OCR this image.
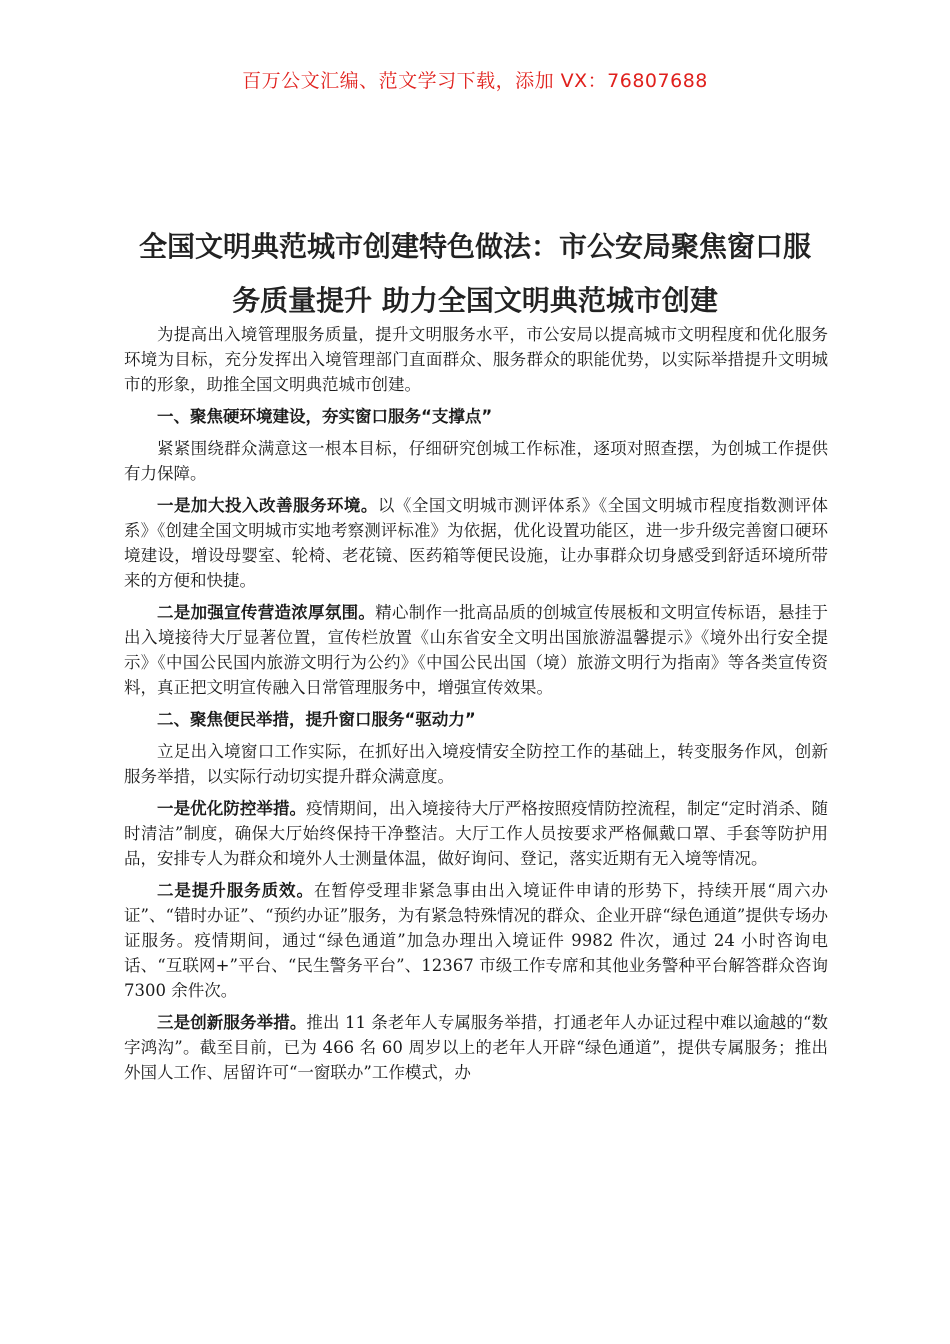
百万公文汇编、范文学习下载，添加 VX：76807688
全国文明典范城市创建特色做法：市公安局聚焦窗口服
务质量提升 助力全国文明典范城市创建

为提高出入境管理服务质量，提升文明服务水平，市公安局以提高城市文明程度和优化服务环境为目标，充分发挥出入境管理部门直面群众、服务群众的职能优势，以实际举措提升文明城市的形象，助推全国文明典范城市创建。

一、聚焦硬环境建设，夯实窗口服务“支撑点”

紧紧围绕群众满意这一根本目标，仔细研究创城工作标准，逐项对照查摆，为创城工作提供有力保障。

一是加大投入改善服务环境。以《全国文明城市测评体系》《全国文明城市程度指数测评体系》《创建全国文明城市实地考察测评标准》为依据，优化设置功能区，进一步升级完善窗口硬环境建设，增设母婴室、轮椅、老花镜、医药箱等便民设施，让办事群众切身感受到舒适环境所带来的方便和快捷。

二是加强宣传营造浓厚氛围。精心制作一批高品质的创城宣传展板和文明宣传标语，悬挂于出入境接待大厅显著位置，宣传栏放置《山东省安全文明出国旅游温馨提示》《境外出行安全提示》《中国公民国内旅游文明行为公约》《中国公民出国（境）旅游文明行为指南》等各类宣传资料，真正把文明宣传融入日常管理服务中，增强宣传效果。

二、聚焦便民举措，提升窗口服务“驱动力”

立足出入境窗口工作实际，在抓好出入境疫情安全防控工作的基础上，转变服务作风，创新服务举措，以实际行动切实提升群众满意度。

一是优化防控举措。疫情期间，出入境接待大厅严格按照疫情防控流程，制定“定时消杀、随时清洁”制度，确保大厅始终保持干净整洁。大厅工作人员按要求严格佩戴口罩、手套等防护用品，安排专人为群众和境外人士测量体温，做好询问、登记，落实近期有无入境等情况。

二是提升服务质效。在暂停受理非紧急事由出入境证件申请的形势下，持续开展“周六办证”、“错时办证”、“预约办证”服务，为有紧急特殊情况的群众、企业开辟“绿色通道”提供专场办证服务。疫情期间，通过“绿色通道”加急办理出入境证件 9982 件次，通过 24 小时咨询电话、“互联网+”平台、“民生警务平台”、12367 市级工作专席和其他业务警种平台解答群众咨询 7300 余件次。

三是创新服务举措。推出 11 条老年人专属服务举措，打通老年人办证过程中难以逾越的“数字鸿沟”。截至目前，已为 466 名 60 周岁以上的老年人开辟“绿色通道”，提供专属服务；推出外国人工作、居留许可“一窗联办”工作模式，办
